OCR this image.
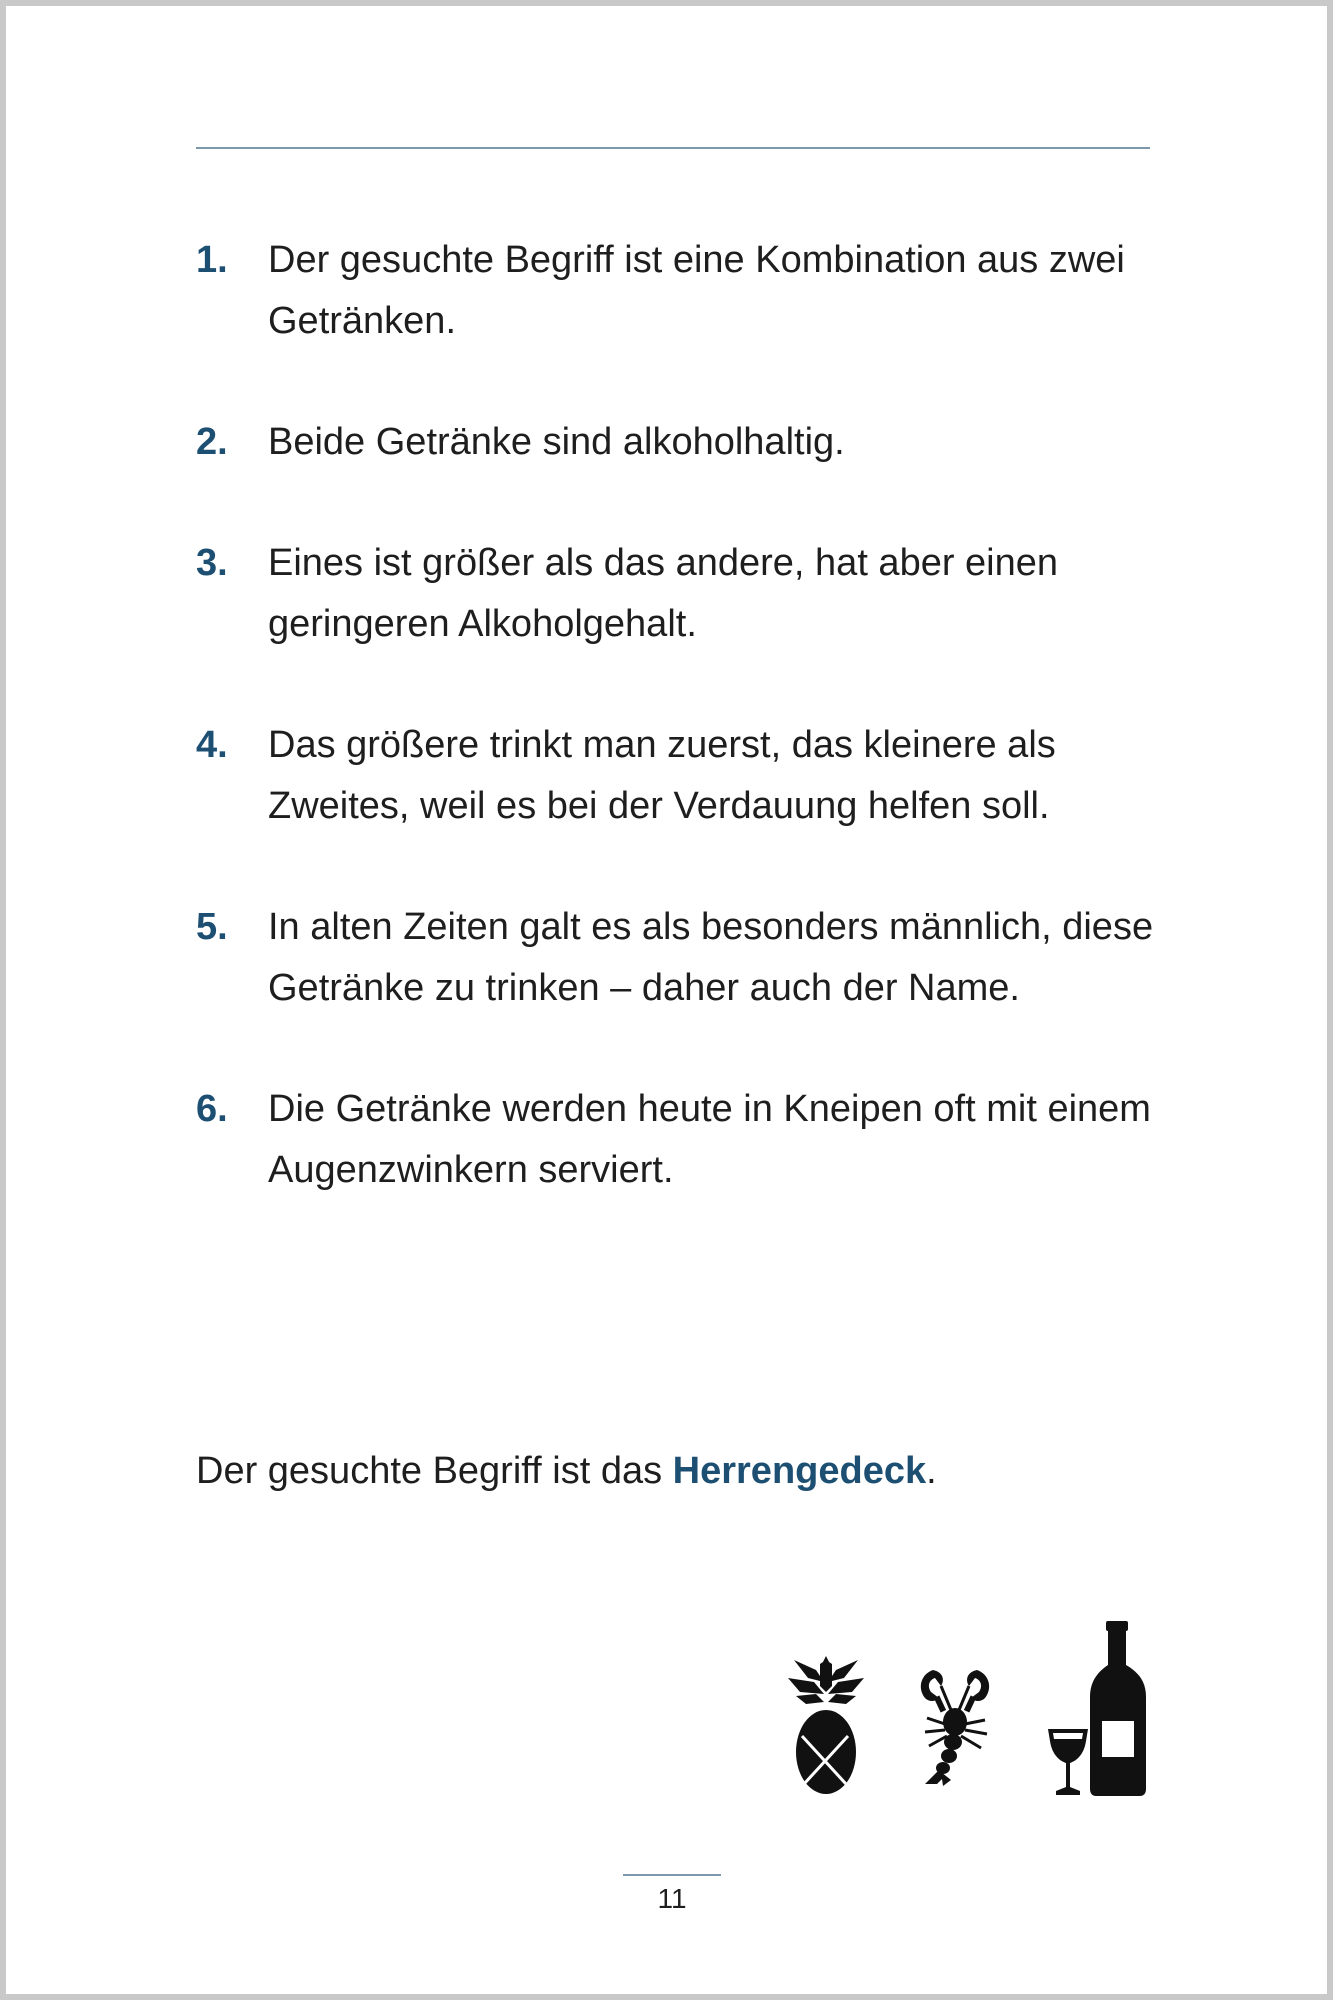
1.	Der gesuchte Begriff ist eine Kombination aus zwei Getränken.
2.	Beide Getränke sind alkoholhaltig.
3.	Eines ist größer als das andere, hat aber einen geringeren Alkoholgehalt.
4.	Das größere trinkt man zuerst, das kleinere als Zweites, weil es bei der Verdauung helfen soll.
5.	In alten Zeiten galt es als besonders männlich, diese Getränke zu trinken – daher auch der Name.
6.	Die Getränke werden heute in Kneipen oft mit einem Augenzwinkern serviert.

Der gesuchte Begriff ist das Herrengedeck.

11
